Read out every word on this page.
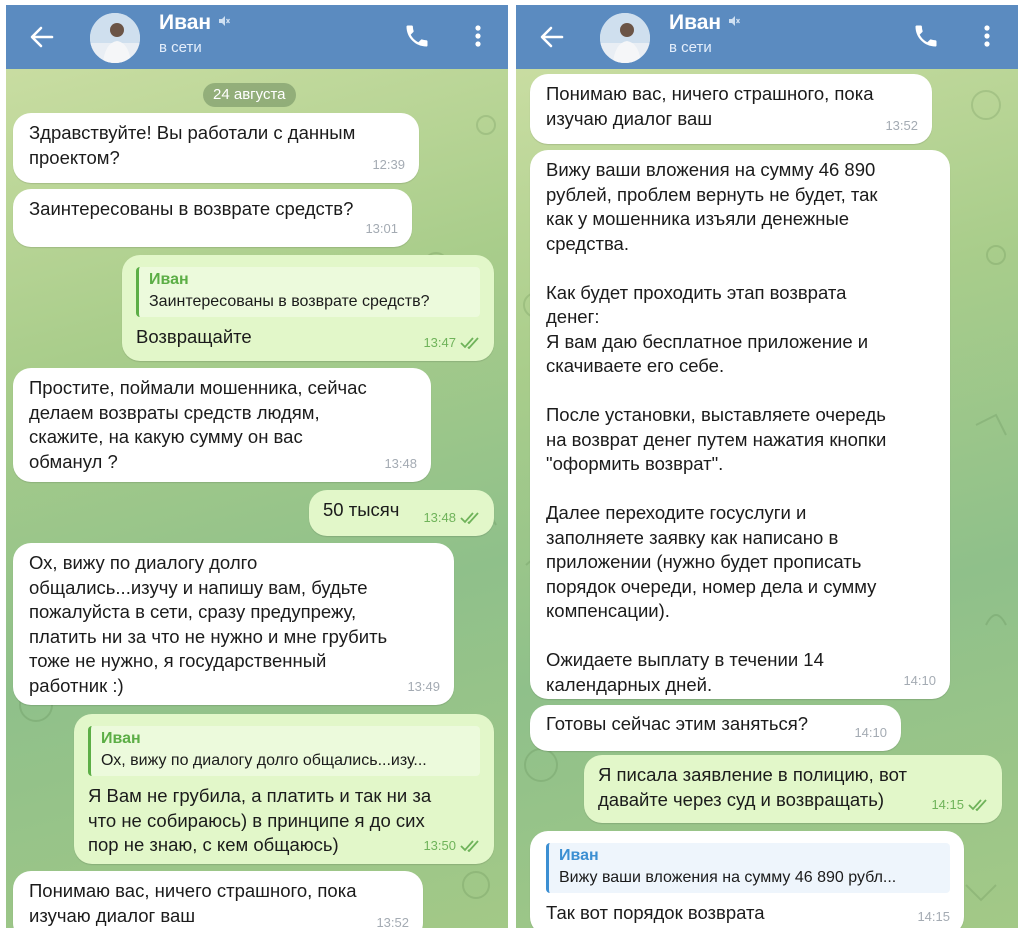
Иван
в сети
24 августа
Здравствуйте! Вы работали с данным
проектом?	12:39
Заинтересованы в возврате средств?
13:01
Иван
Заинтересованы в возврате средств?
Возвращайте	13:47
Простите, поймали мошенника, сейчас
делаем возвраты средств людям,
скажите, на какую сумму он вас
обманул ?	13:48
50 тысяч	13:48
Ох, вижу по диалогу долго
общались...изучу и напишу вам, будьте
пожалуйста в сети, сразу предупрежу,
платить ни за что не нужно и мне грубить
тоже не нужно, я государственный
работник :)	13:49
Иван
Ох, вижу по диалогу долго общались...изу...
Я Вам не грубила, а платить и так ни за
что не собираюсь) в принципе я до сих
пор не знаю, с кем общаюсь)	13:50
Понимаю вас, ничего страшного, пока
изучаю диалог ваш	13:52
Иван
в сети
Понимаю вас, ничего страшного, пока
изучаю диалог ваш	13:52
Вижу ваши вложения на сумму 46 890
рублей, проблем вернуть не будет, так
как у мошенника изъяли денежные
средства.

Как будет проходить этап возврата
денег:
Я вам даю бесплатное приложение и
скачиваете его себе.

После установки, выставляете очередь
на возврат денег путем нажатия кнопки
"оформить возврат".

Далее переходите госуслуги и
заполняете заявку как написано в
приложении (нужно будет прописать
порядок очереди, номер дела и сумму
компенсации).

Ожидаете выплату в течении 14
календарных дней.	14:10
Готовы сейчас этим заняться?	14:10
Я писала заявление в полицию, вот
давайте через суд и возвращать)	14:15
Иван
Вижу ваши вложения на сумму 46 890 рубл...
Так вот порядок возврата	14:15
